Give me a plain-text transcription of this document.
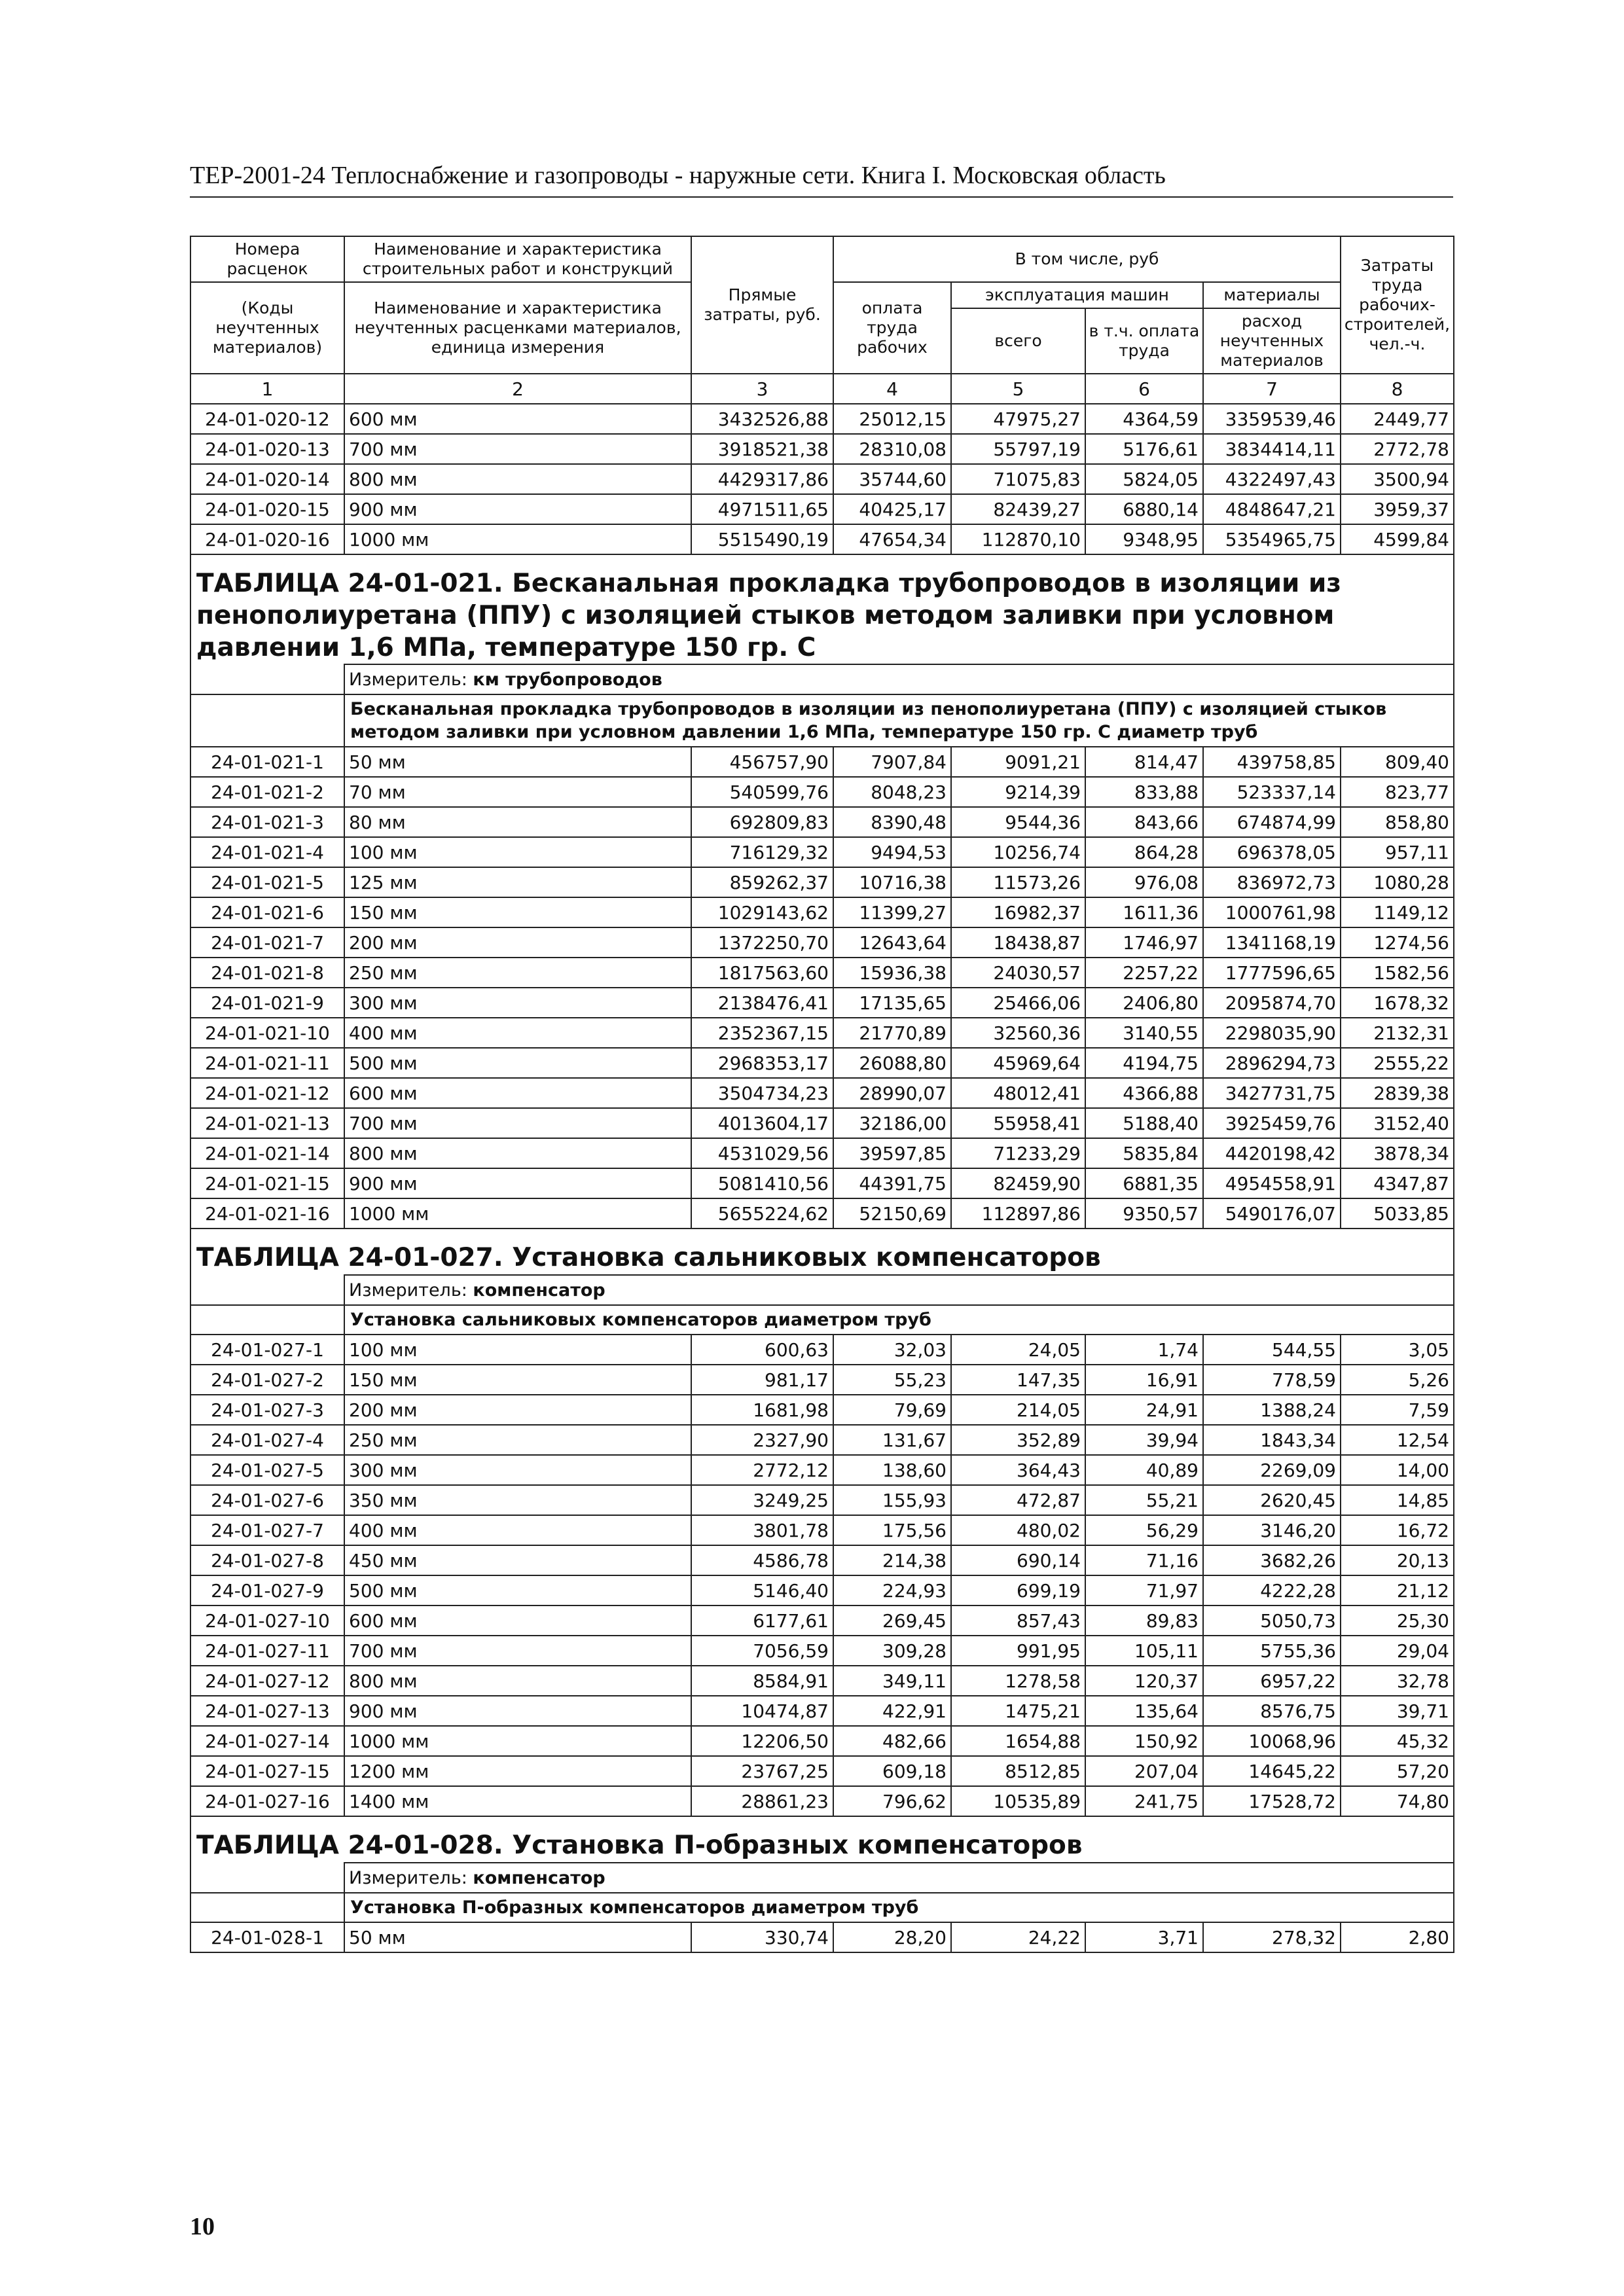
ТЕР-2001-24 Теплоснабжение и газопроводы - наружные сети. Книга I. Московская область
Номера расценок	Наименование и характеристика строительных работ и конструкций	Прямые затраты, руб.	В том числе, руб				Затраты труда рабочих-строителей, чел.-ч.
(Коды неучтенных материалов)	Наименование и характеристика неучтенных расценками материалов, единица измерения		оплата труда рабочих	эксплуатация машин		материалы	
				всего	в т.ч. оплата труда	расход неучтенных материалов	
1	2	3	4	5	6	7	8
24-01-020-12	600 мм	3432526,88	25012,15	47975,27	4364,59	3359539,46	2449,77
24-01-020-13	700 мм	3918521,38	28310,08	55797,19	5176,61	3834414,11	2772,78
24-01-020-14	800 мм	4429317,86	35744,60	71075,83	5824,05	4322497,43	3500,94
24-01-020-15	900 мм	4971511,65	40425,17	82439,27	6880,14	4848647,21	3959,37
24-01-020-16	1000 мм	5515490,19	47654,34	112870,10	9348,95	5354965,75	4599,84

ТАБЛИЦА 24-01-021. Бесканальная прокладка трубопроводов в изоляции из пенополиуретана (ППУ) с изоляцией стыков методом заливки при условном давлении 1,6 МПа, температуре 150 гр. С							

	Измеритель: км трубопроводов						
	Бесканальная прокладка трубопроводов в изоляции из пенополиуретана (ППУ) с изоляцией стыков методом заливки при условном давлении 1,6 МПа, температуре 150 гр. С диаметр труб						
24-01-021-1	50 мм	456757,90	7907,84	9091,21	814,47	439758,85	809,40
24-01-021-2	70 мм	540599,76	8048,23	9214,39	833,88	523337,14	823,77
24-01-021-3	80 мм	692809,83	8390,48	9544,36	843,66	674874,99	858,80
24-01-021-4	100 мм	716129,32	9494,53	10256,74	864,28	696378,05	957,11
24-01-021-5	125 мм	859262,37	10716,38	11573,26	976,08	836972,73	1080,28
24-01-021-6	150 мм	1029143,62	11399,27	16982,37	1611,36	1000761,98	1149,12
24-01-021-7	200 мм	1372250,70	12643,64	18438,87	1746,97	1341168,19	1274,56
24-01-021-8	250 мм	1817563,60	15936,38	24030,57	2257,22	1777596,65	1582,56
24-01-021-9	300 мм	2138476,41	17135,65	25466,06	2406,80	2095874,70	1678,32
24-01-021-10	400 мм	2352367,15	21770,89	32560,36	3140,55	2298035,90	2132,31
24-01-021-11	500 мм	2968353,17	26088,80	45969,64	4194,75	2896294,73	2555,22
24-01-021-12	600 мм	3504734,23	28990,07	48012,41	4366,88	3427731,75	2839,38
24-01-021-13	700 мм	4013604,17	32186,00	55958,41	5188,40	3925459,76	3152,40
24-01-021-14	800 мм	4531029,56	39597,85	71233,29	5835,84	4420198,42	3878,34
24-01-021-15	900 мм	5081410,56	44391,75	82459,90	6881,35	4954558,91	4347,87
24-01-021-16	1000 мм	5655224,62	52150,69	112897,86	9350,57	5490176,07	5033,85

ТАБЛИЦА 24-01-027. Установка сальниковых компенсаторов							

	Измеритель: компенсатор						
	Установка сальниковых компенсаторов диаметром труб						
24-01-027-1	100 мм	600,63	32,03	24,05	1,74	544,55	3,05
24-01-027-2	150 мм	981,17	55,23	147,35	16,91	778,59	5,26
24-01-027-3	200 мм	1681,98	79,69	214,05	24,91	1388,24	7,59
24-01-027-4	250 мм	2327,90	131,67	352,89	39,94	1843,34	12,54
24-01-027-5	300 мм	2772,12	138,60	364,43	40,89	2269,09	14,00
24-01-027-6	350 мм	3249,25	155,93	472,87	55,21	2620,45	14,85
24-01-027-7	400 мм	3801,78	175,56	480,02	56,29	3146,20	16,72
24-01-027-8	450 мм	4586,78	214,38	690,14	71,16	3682,26	20,13
24-01-027-9	500 мм	5146,40	224,93	699,19	71,97	4222,28	21,12
24-01-027-10	600 мм	6177,61	269,45	857,43	89,83	5050,73	25,30
24-01-027-11	700 мм	7056,59	309,28	991,95	105,11	5755,36	29,04
24-01-027-12	800 мм	8584,91	349,11	1278,58	120,37	6957,22	32,78
24-01-027-13	900 мм	10474,87	422,91	1475,21	135,64	8576,75	39,71
24-01-027-14	1000 мм	12206,50	482,66	1654,88	150,92	10068,96	45,32
24-01-027-15	1200 мм	23767,25	609,18	8512,85	207,04	14645,22	57,20
24-01-027-16	1400 мм	28861,23	796,62	10535,89	241,75	17528,72	74,80

ТАБЛИЦА 24-01-028. Установка П-образных компенсаторов							

	Измеритель: компенсатор						
	Установка П-образных компенсаторов диаметром труб						
24-01-028-1	50 мм	330,74	28,20	24,22	3,71	278,32	2,80
10
